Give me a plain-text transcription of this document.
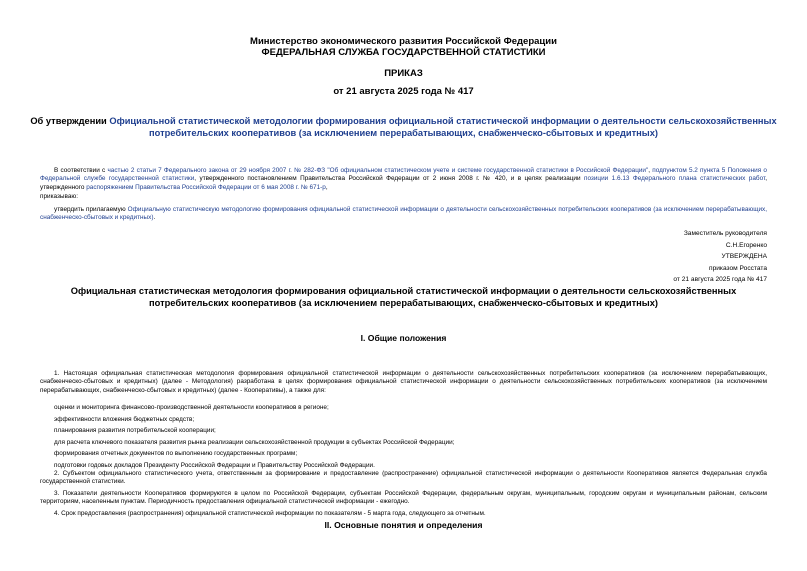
Министерство экономического развития Российской Федерации
ФЕДЕРАЛЬНАЯ СЛУЖБА ГОСУДАРСТВЕННОЙ СТАТИСТИКИ
ПРИКАЗ
от 21 августа 2025 года № 417
Об утверждении Официальной статистической методологии формирования официальной статистической информации о деятельности сельскохозяйственных потребительских кооперативов (за исключением перерабатывающих, снабженческо-сбытовых и кредитных)
В соответствии с частью 2 статьи 7 Федерального закона от 29 ноября 2007 г. № 282-ФЗ "Об официальном статистическом учете и системе государственной статистики в Российской Федерации", подпунктом 5.2 пункта 5 Положения о Федеральной службе государственной статистики, утвержденного постановлением Правительства Российской Федерации от 2 июня 2008 г. № 420, и в целях реализации позиции 1.6.13 Федерального плана статистических работ, утвержденного распоряжением Правительства Российской Федерации от 6 мая 2008 г. № 671-р,
приказываю:
утвердить прилагаемую Официальную статистическую методологию формирования официальной статистической информации о деятельности сельскохозяйственных потребительских кооперативов (за исключением перерабатывающих, снабженческо-сбытовых и кредитных).
Заместитель руководителя
С.Н.Егоренко
УТВЕРЖДЕНА
приказом Росстата
от 21 августа 2025 года № 417
Официальная статистическая методология формирования официальной статистической информации о деятельности сельскохозяйственных потребительских кооперативов (за исключением перерабатывающих, снабженческо-сбытовых и кредитных)
I. Общие положения
1. Настоящая официальная статистическая методология формирования официальной статистической информации о деятельности сельскохозяйственных потребительских кооперативов (за исключением перерабатывающих, снабженческо-сбытовых и кредитных) (далее - Методология) разработана в целях формирования официальной статистической информации о деятельности сельскохозяйственных потребительских кооперативов (за исключением перерабатывающих, снабженческо-сбытовых и кредитных) (далее - Кооперативы), а также для:
оценки и мониторинга финансово-производственной деятельности кооперативов в регионе;
эффективности вложения бюджетных средств;
планирования развития потребительской кооперации;
для расчета ключевого показателя развития рынка реализации сельскохозяйственной продукции в субъектах Российской Федерации;
формирования отчетных документов по выполнению государственных программ;
подготовки годовых докладов Президенту Российской Федерации и Правительству Российской Федерации.
2. Субъектом официального статистического учета, ответственным за формирование и предоставление (распространение) официальной статистической информации о деятельности Кооперативов является Федеральная служба государственной статистики.
3. Показатели деятельности Кооперативов формируются в целом по Российской Федерации, субъектам Российской Федерации, федеральным округам, муниципальным, городским округам и муниципальным районам, сельским территориям, населенным пунктам. Периодичность предоставления официальной статистической информации - ежегодно.
4. Срок предоставления (распространения) официальной статистической информации по показателям - 5 марта года, следующего за отчетным.
II. Основные понятия и определения
